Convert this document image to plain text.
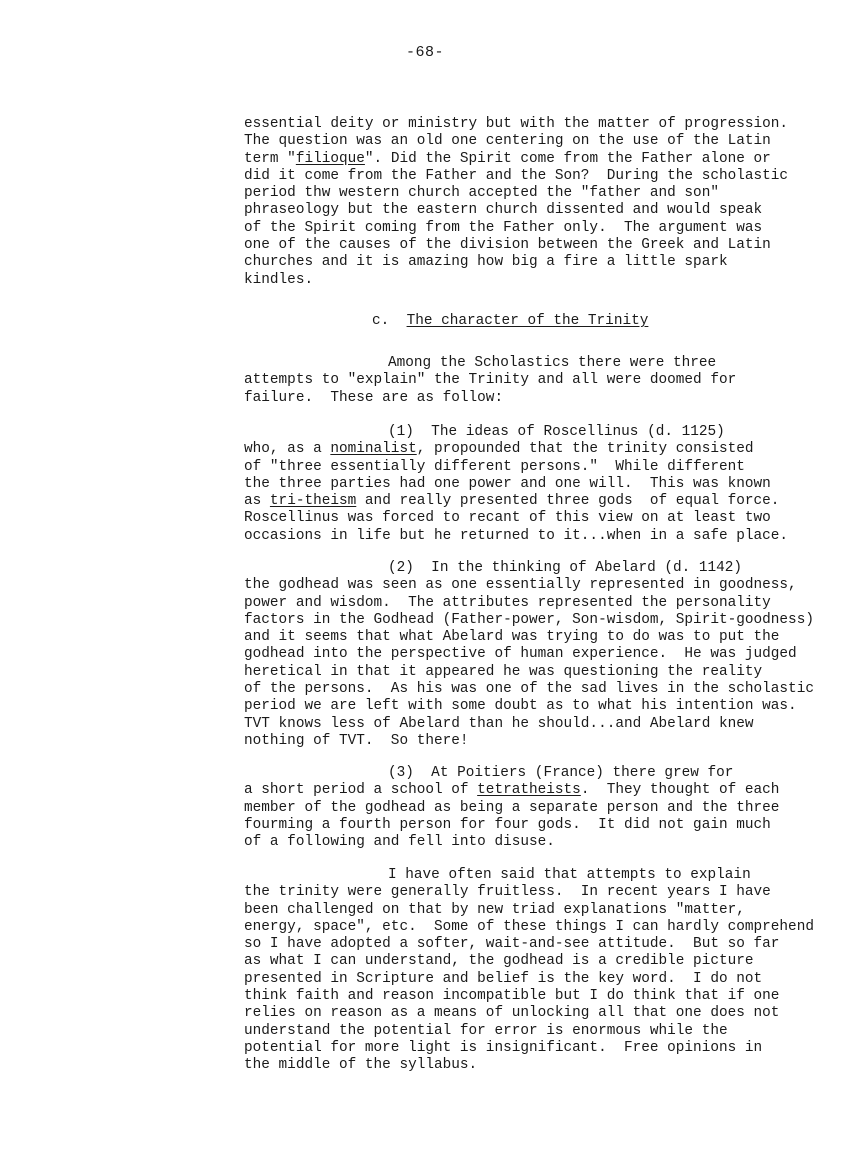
-68-
essential deity or ministry but with the matter of progression.
The question was an old one centering on the use of the Latin
term "filioque". Did the Spirit come from the Father alone or
did it come from the Father and the Son?  During the scholastic
period thw western church accepted the "father and son"
phraseology but the eastern church dissented and would speak
of the Spirit coming from the Father only.  The argument was
one of the causes of the division between the Greek and Latin
churches and it is amazing how big a fire a little spark
kindles.
c. The character of the Trinity
Among the Scholastics there were three
attempts to "explain" the Trinity and all were doomed for
failure.  These are as follow:
(1)  The ideas of Roscellinus (d. 1125)
who, as a nominalist, propounded that the trinity consisted
of "three essentially different persons."  While different
the three parties had one power and one will.  This was known
as tri-theism and really presented three gods  of equal force.
Roscellinus was forced to recant of this view on at least two
occasions in life but he returned to it...when in a safe place.
(2)  In the thinking of Abelard (d. 1142)
the godhead was seen as one essentially represented in goodness,
power and wisdom.  The attributes represented the personality
factors in the Godhead (Father-power, Son-wisdom, Spirit-goodness)
and it seems that what Abelard was trying to do was to put the
godhead into the perspective of human experience.  He was judged
heretical in that it appeared he was questioning the reality
of the persons.  As his was one of the sad lives in the scholastic
period we are left with some doubt as to what his intention was.
TVT knows less of Abelard than he should...and Abelard knew
nothing of TVT.  So there!
(3)  At Poitiers (France) there grew for
a short period a school of tetratheists.  They thought of each
member of the godhead as being a separate person and the three
fourming a fourth person for four gods.  It did not gain much
of a following and fell into disuse.
I have often said that attempts to explain
the trinity were generally fruitless.  In recent years I have
been challenged on that by new triad explanations "matter,
energy, space", etc.  Some of these things I can hardly comprehend
so I have adopted a softer, wait-and-see attitude.  But so far
as what I can understand, the godhead is a credible picture
presented in Scripture and belief is the key word.  I do not
think faith and reason incompatible but I do think that if one
relies on reason as a means of unlocking all that one does not
understand the potential for error is enormous while the
potential for more light is insignificant.  Free opinions in
the middle of the syllabus.
